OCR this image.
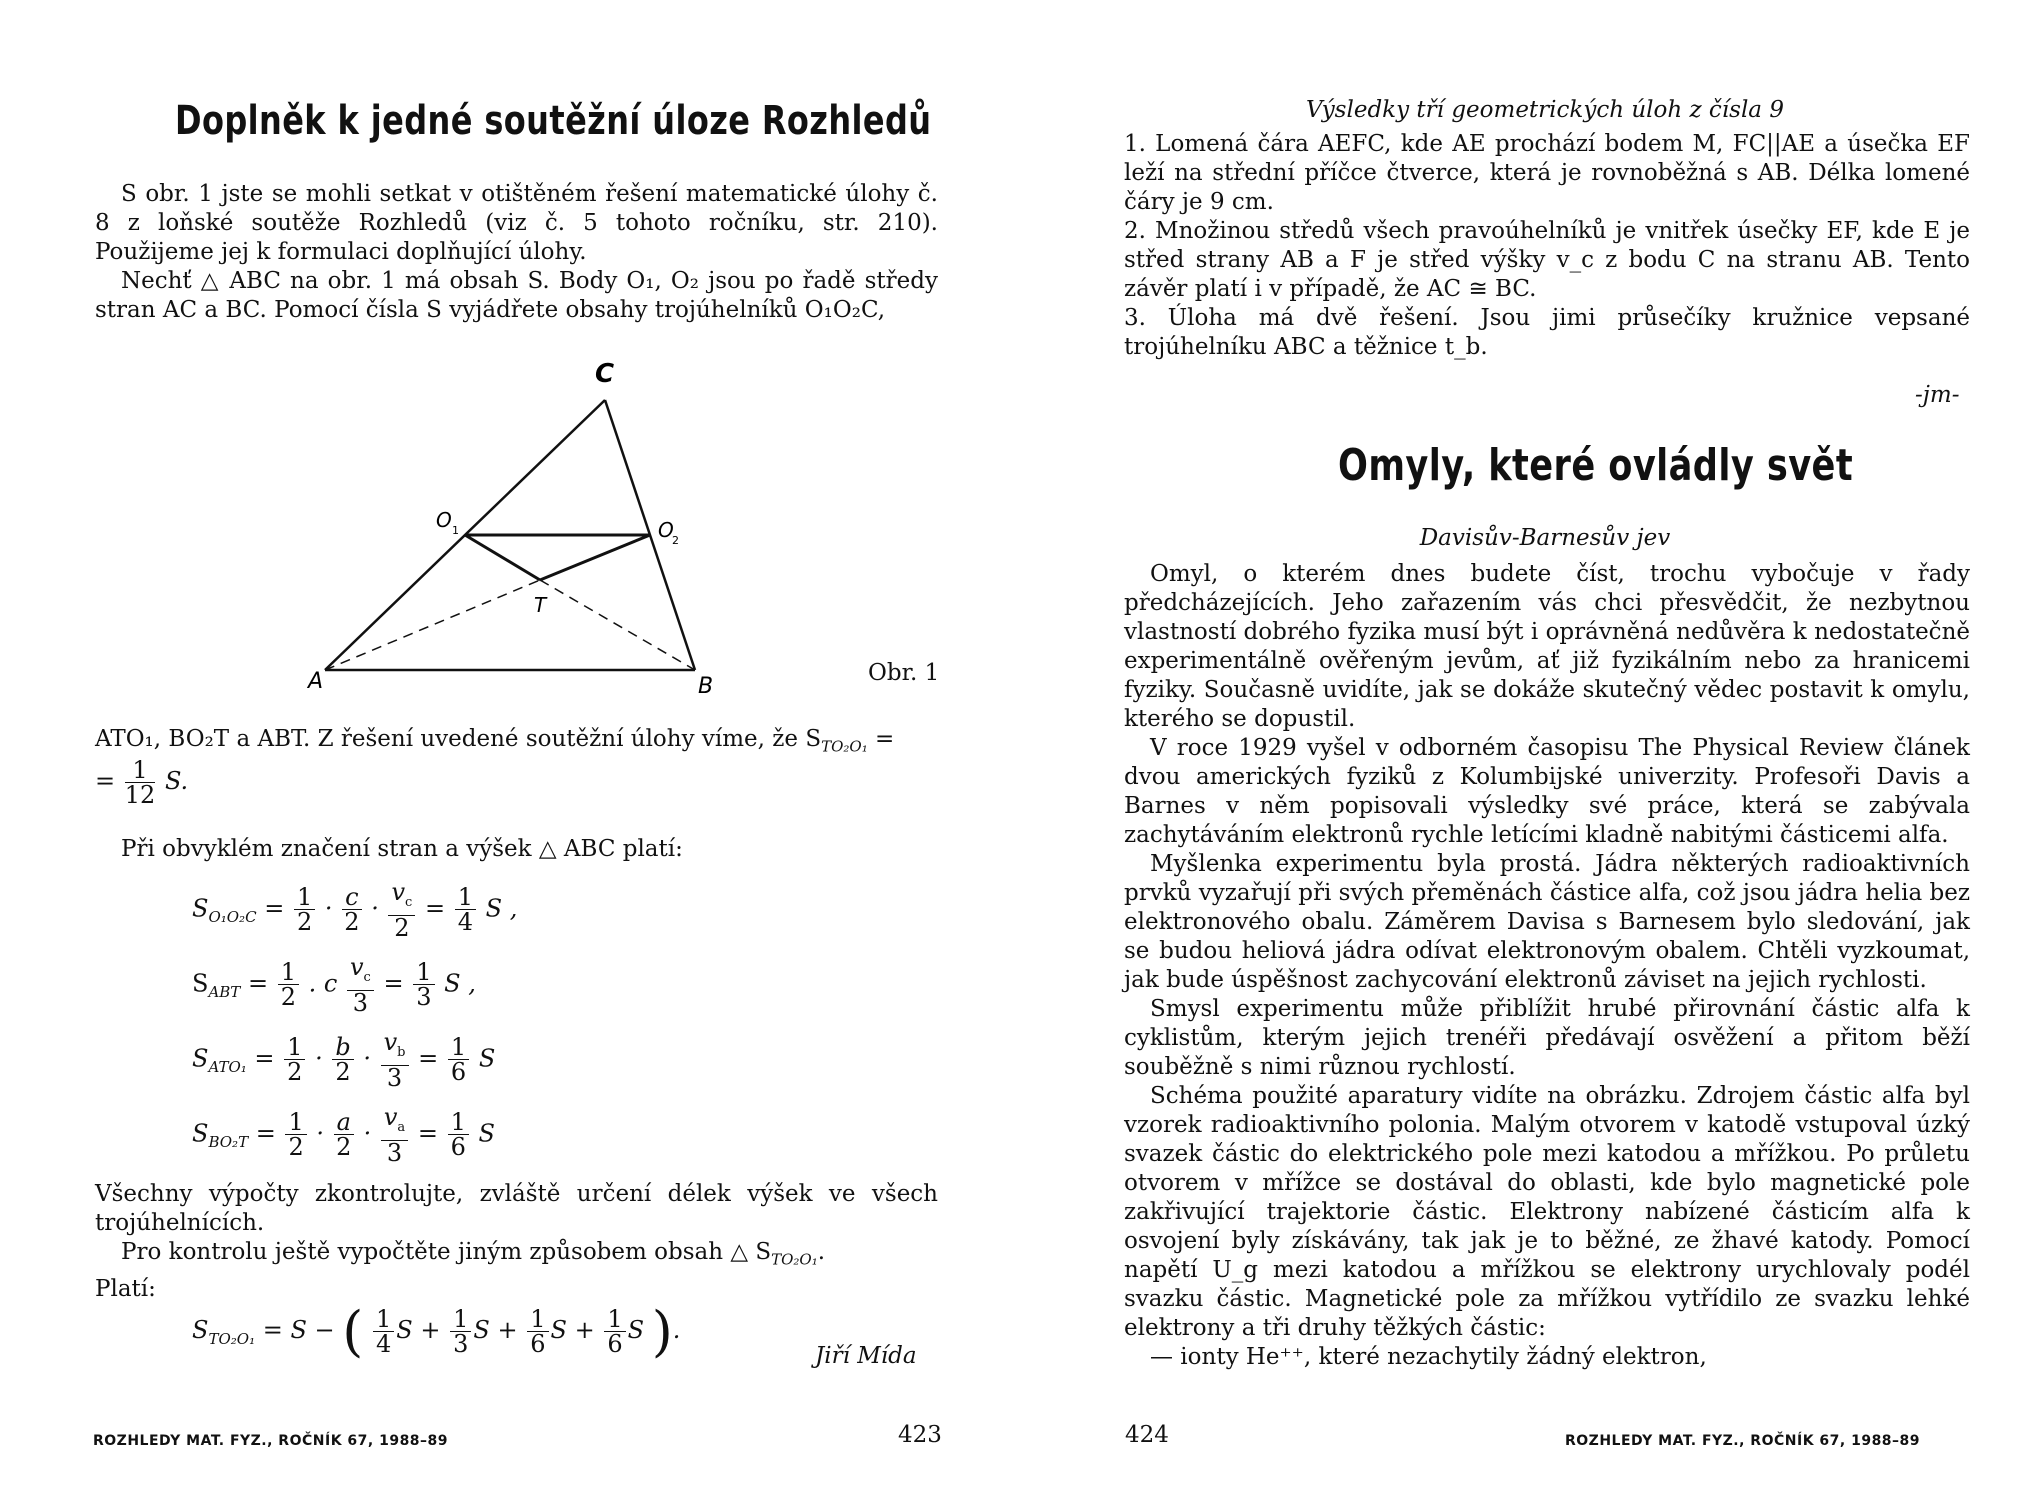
Doplněk k jedné soutěžní úloze Rozhledů

S obr. 1 jste se mohli setkat v otištěném řešení matematické úlohy č. 8 z loňské soutěže Rozhledů (viz č. 5 tohoto ročníku, str. 210). Použijeme jej k formulaci doplňující úlohy.

Nechť △ ABC na obr. 1 má obsah S. Body O₁, O₂ jsou po řadě středy stran AC a BC. Pomocí čísla S vyjádřete obsahy trojúhelníků O₁O₂C,

C
O 1	O
2
T
A	B
Obr. 1

ATO₁, BO₂T a ABT. Z řešení uvedené soutěžní úlohy víme, že $S_{TO_2O_1}$ =

= $\frac{1}{12} S$.

Při obvyklém značení stran a výšek △ ABC platí:

$S_{O_1O_2C} = \frac{1}{2} \cdot \frac{c}{2} \cdot \frac{v_c}{2} = \frac{1}{4}$ S ,
$S_{ABT} = \frac{1}{2}$ . c $\frac{v_c}{3} = \frac{1}{3}$ S ,
$S_{ATO_1} = \frac{1}{2} \cdot \frac{b}{2} \cdot \frac{v_b}{3} = \frac{1}{6}$ S
$S_{BO_2T} = \frac{1}{2} \cdot \frac{a}{2} \cdot \frac{v_a}{3} = \frac{1}{6}$ S

Všechny výpočty zkontrolujte, zvláště určení délek výšek ve všech trojúhelnících.

Pro kontrolu ještě vypočtěte jiným způsobem obsah △ $S_{TO_2O_1}$.

Platí:

$S_{TO_2O_1} = S$ − ( $\frac{1}{4}$ $S + \frac{1}{3}$ $S + \frac{1}{6}$ $S + \frac{1}{6}$ S ).
Jiří Mída
ROZHLEDY MAT. FYZ., ROČNÍK 67, 1988–89	423
Výsledky tří geometrických úloh z čísla 9

1. Lomená čára AEFC, kde AE prochází bodem M, FC||AE a úsečka EF leží na střední příčce čtverce, která je rovnoběžná s AB. Délka lomené čáry je 9 cm.

2. Množinou středů všech pravoúhelníků je vnitřek úsečky EF, kde E je střed strany AB a F je střed výšky v_c z bodu C na stranu AB. Tento závěr platí i v případě, že AC ≅ BC.

3. Úloha má dvě řešení. Jsou jimi průsečíky kružnice vepsané trojúhelníku ABC a těžnice t_b.

-jm-
Omyly, které ovládly svět
Davisův-Barnesův jev

Omyl, o kterém dnes budete číst, trochu vybočuje v řady předcházejících. Jeho zařazením vás chci přesvědčit, že nezbytnou vlastností dobrého fyzika musí být i oprávněná nedůvěra k nedostatečně experimentálně ověřeným jevům, ať již fyzikálním nebo za hranicemi fyziky. Současně uvidíte, jak se dokáže skutečný vědec postavit k omylu, kterého se dopustil.

V roce 1929 vyšel v odborném časopisu The Physical Review článek dvou amerických fyziků z Kolumbijské univerzity. Profesoři Davis a Barnes v něm popisovali výsledky své práce, která se zabývala zachytáváním elektronů rychle letícími kladně nabitými částicemi alfa.

Myšlenka experimentu byla prostá. Jádra některých radioaktivních prvků vyzařují při svých přeměnách částice alfa, což jsou jádra helia bez elektronového obalu. Záměrem Davisa s Barnesem bylo sledování, jak se budou heliová jádra odívat elektronovým obalem. Chtěli vyzkoumat, jak bude úspěšnost zachycování elektronů záviset na jejich rychlosti.

Smysl experimentu může přiblížit hrubé přirovnání částic alfa k cyklistům, kterým jejich trenéři předávají osvěžení a přitom běží souběžně s nimi různou rychlostí.

Schéma použité aparatury vidíte na obrázku. Zdrojem částic alfa byl vzorek radioaktivního polonia. Malým otvorem v katodě vstupoval úzký svazek částic do elektrického pole mezi katodou a mřížkou. Po průletu otvorem v mřížce se dostával do oblasti, kde bylo magnetické pole zakřivující trajektorie částic. Elektrony nabízené částicím alfa k osvojení byly získávány, tak jak je to běžné, ze žhavé katody. Pomocí napětí U_g mezi katodou a mřížkou se elektrony urychlovaly podél svazku částic. Magnetické pole za mřížkou vytřídilo ze svazku lehké elektrony a tři druhy těžkých částic:

— ionty He⁺⁺, které nezachytily žádný elektron,

424	ROZHLEDY MAT. FYZ., ROČNÍK 67, 1988–89
